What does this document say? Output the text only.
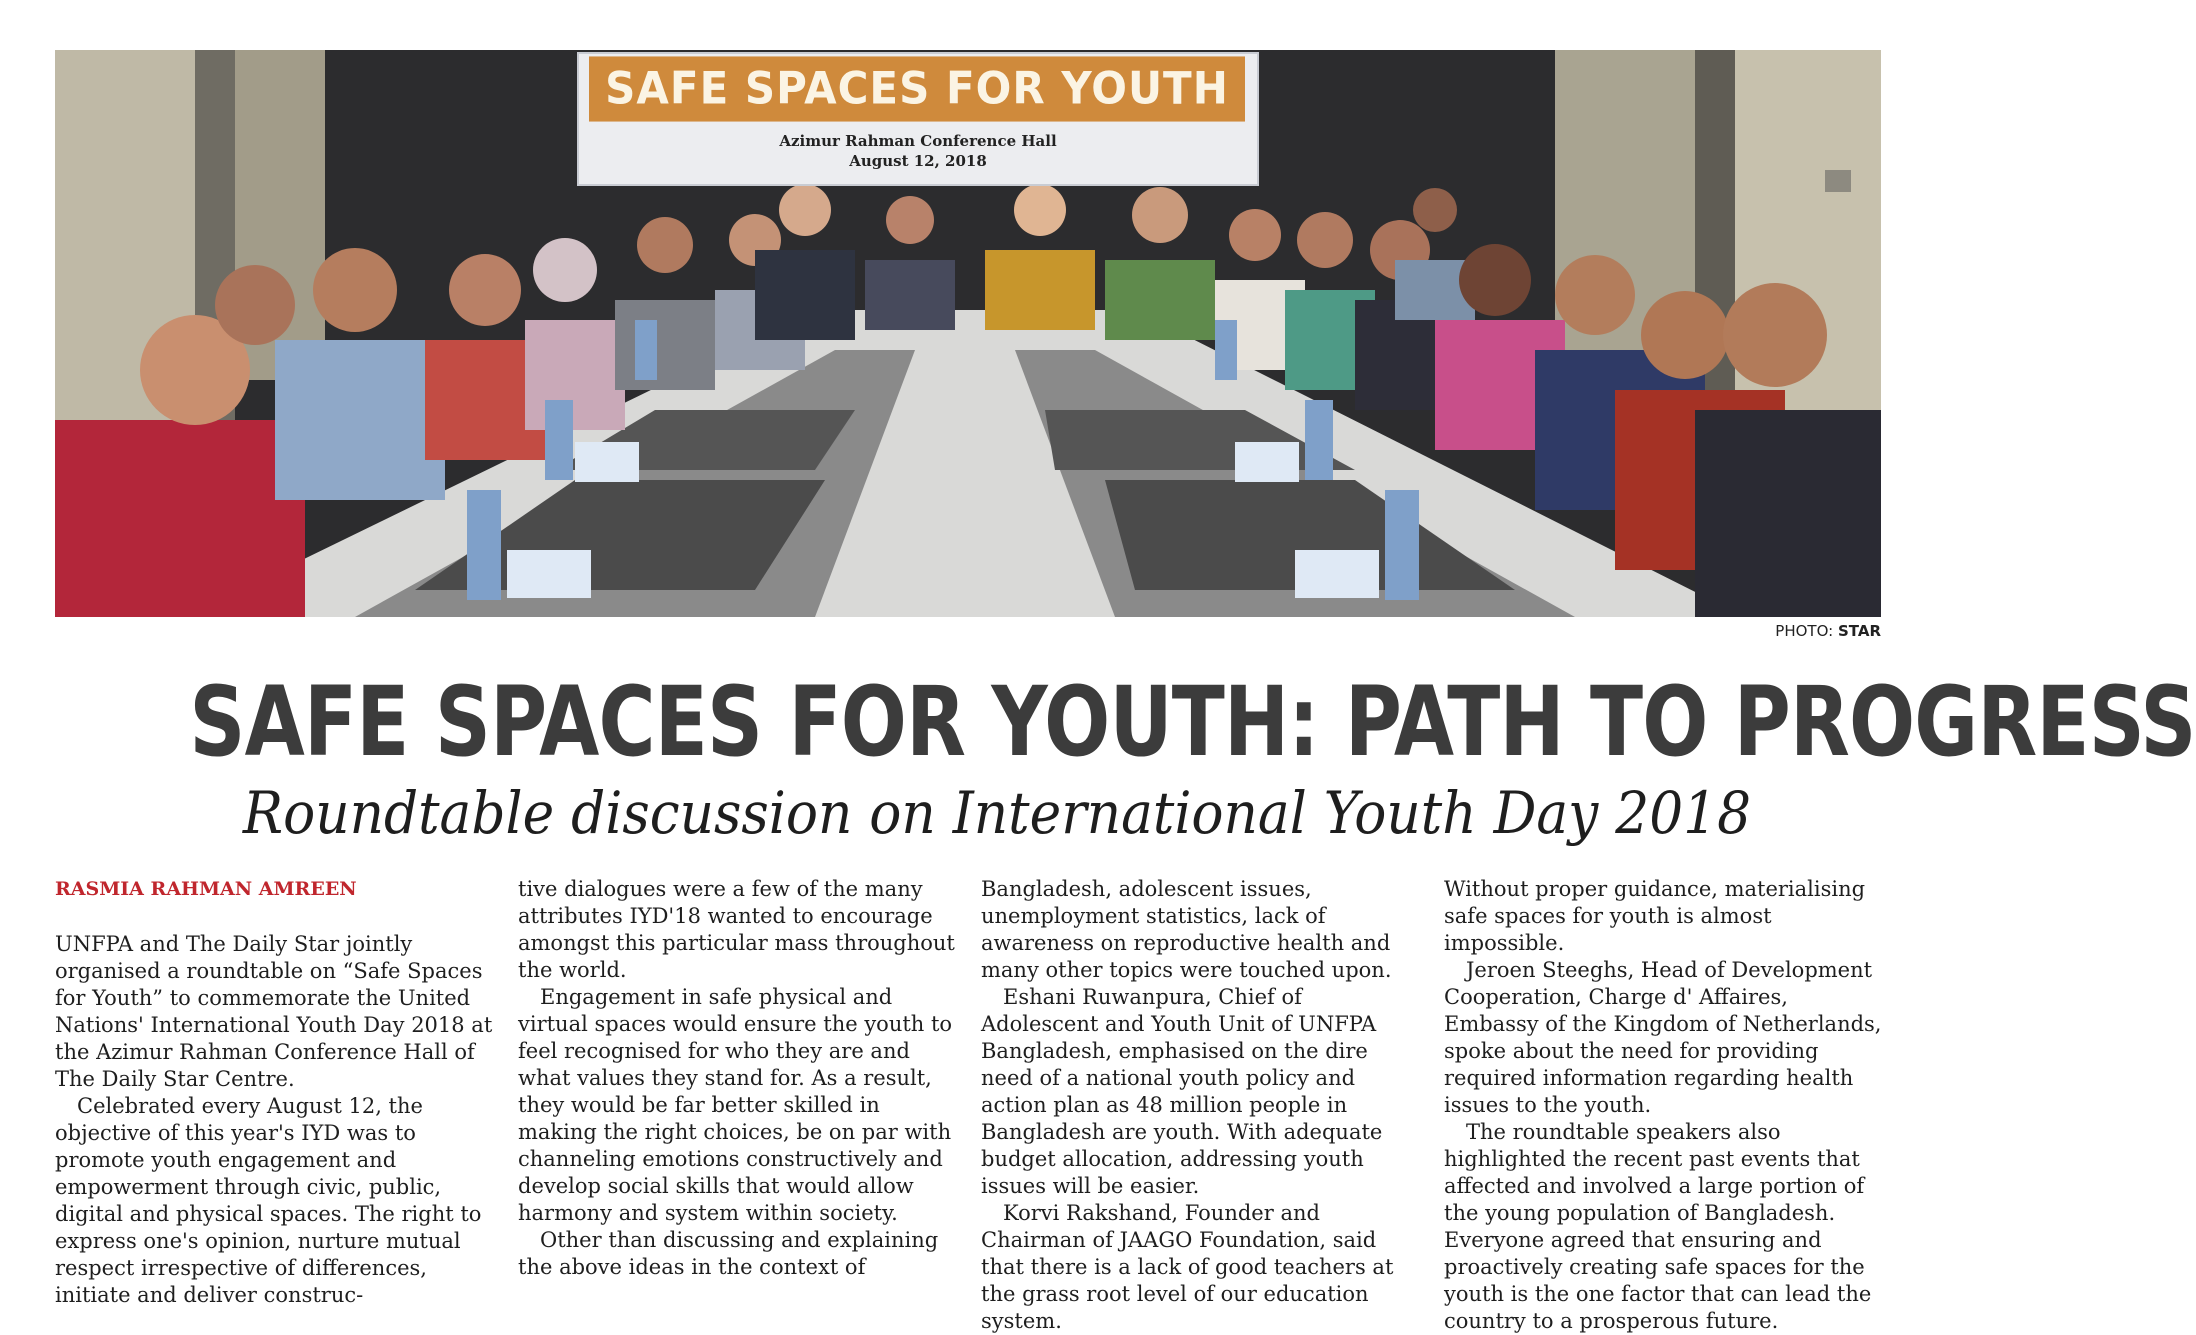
SAFE SPACES FOR YOUTH
Azimur Rahman Conference Hall
August 12, 2018
PHOTO: STAR
SAFE SPACES FOR YOUTH: PATH TO PROGRESS
Roundtable discussion on International Youth Day 2018

RASMIA RAHMAN AMREEN

UNFPA and The Daily Star jointly organised a roundtable on “Safe Spaces for Youth” to commemorate the United Nations' International Youth Day 2018 at the Azimur Rahman Conference Hall of The Daily Star Centre.

Celebrated every August 12, the objective of this year's IYD was to promote youth engagement and empowerment through civic, public, digital and physical spaces. The right to express one's opinion, nurture mutual respect irrespective of differences, initiate and deliver construc-

tive dialogues were a few of the many attributes IYD'18 wanted to encourage amongst this particular mass throughout the world.

Engagement in safe physical and virtual spaces would ensure the youth to feel recognised for who they are and what values they stand for. As a result, they would be far better skilled in making the right choices, be on par with channeling emotions constructively and develop social skills that would allow harmony and system within society.

Other than discussing and explaining the above ideas in the context of

Bangladesh, adolescent issues, unemployment statistics, lack of awareness on reproductive health and many other topics were touched upon.

Eshani Ruwanpura, Chief of Adolescent and Youth Unit of UNFPA Bangladesh, emphasised on the dire need of a national youth policy and action plan as 48 million people in Bangladesh are youth. With adequate budget allocation, addressing youth issues will be easier.

Korvi Rakshand, Founder and Chairman of JAAGO Foundation, said that there is a lack of good teachers at the grass root level of our education system.

Without proper guidance, materialising safe spaces for youth is almost impossible.

Jeroen Steeghs, Head of Development Cooperation, Charge d' Affaires, Embassy of the Kingdom of Netherlands, spoke about the need for providing required information regarding health issues to the youth.

The roundtable speakers also highlighted the recent past events that affected and involved a large portion of the young population of Bangladesh. Everyone agreed that ensuring and proactively creating safe spaces for the youth is the one factor that can lead the country to a prosperous future.
